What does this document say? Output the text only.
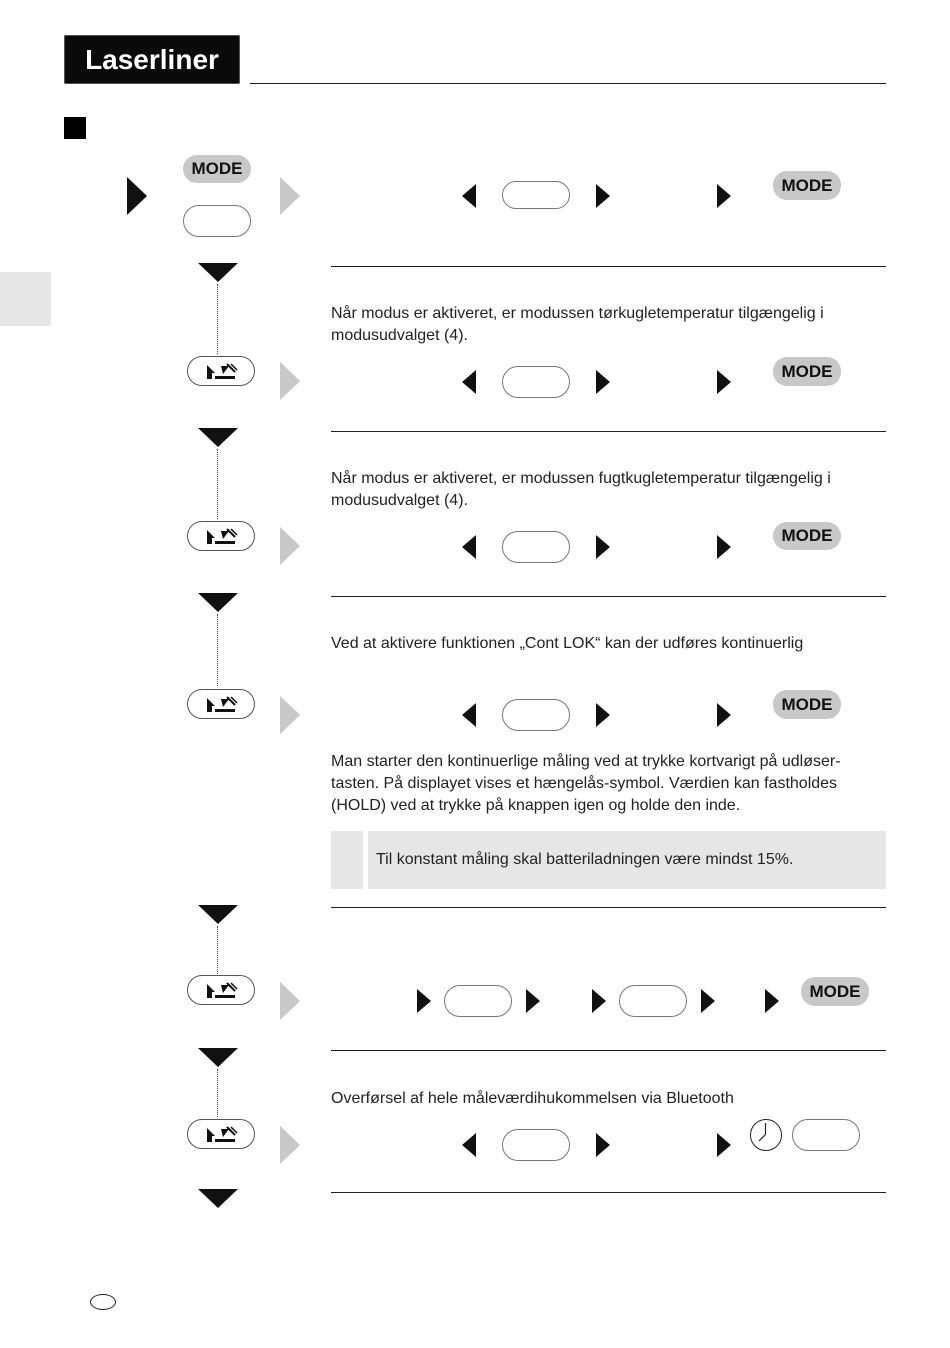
Laserliner
MODE
MODE
Når modus er aktiveret, er modussen tørkugletemperatur tilgængelig i modusudvalget (4).
MODE
Når modus er aktiveret, er modussen fugtkugletemperatur tilgængelig i modusudvalget (4).
MODE
Ved at aktivere funktionen „Cont LOK“ kan der udføres kontinuerlig
MODE
Man starter den kontinuerlige måling ved at trykke kortvarigt på udløser-tasten. På displayet vises et hængelås-symbol. Værdien kan fastholdes (HOLD) ved at trykke på knappen igen og holde den inde.
Til konstant måling skal batteriladningen være mindst 15%.
MODE
Overførsel af hele måleværdihukommelsen via Bluetooth
